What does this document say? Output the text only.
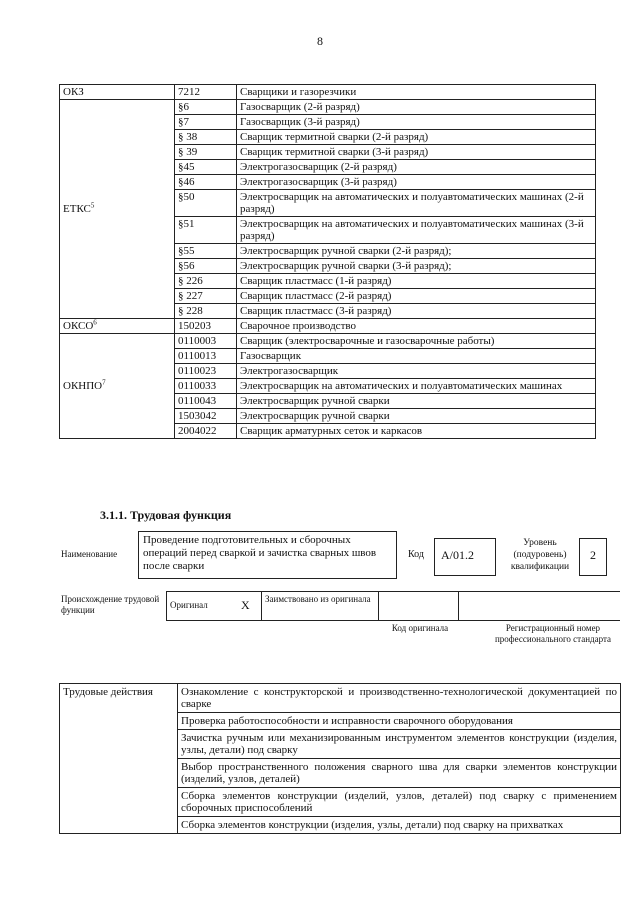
8
ОКЗ	7212	Сварщики и газорезчики
ЕТКС$^5$	§6	Газосварщик (2-й разряд)
	§7	Газосварщик (3-й разряд)
	§ 38	Сварщик термитной сварки (2-й разряд)
	§ 39	Сварщик термитной сварки (3-й разряд)
	§45	Электрогазосварщик (2-й разряд)
	§46	Электрогазосварщик (3-й разряд)
	§50	Электросварщик на автоматических и полуавтоматических машинах (2-й разряд)
	§51	Электросварщик на автоматических и полуавтоматических машинах (3-й разряд)
	§55	Электросварщик ручной сварки (2-й разряд);
	§56	Электросварщик ручной сварки (3-й разряд);
	§ 226	Сварщик пластмасс (1-й разряд)
	§ 227	Сварщик пластмасс (2-й разряд)
	§ 228	Сварщик пластмасс (3-й разряд)
ОКСО$^6$	150203	Сварочное производство
ОКНПО$^7$	0110003	Сварщик (электросварочные и газосварочные работы)
	0110013	Газосварщик
	0110023	Электрогазосварщик
	0110033	Электросварщик на автоматических и полуавтоматических машинах
	0110043	Электросварщик ручной сварки
	1503042	Электросварщик ручной сварки
	2004022	Сварщик арматурных сеток и каркасов
3.1.1. Трудовая функция
Наименование
Проведение подготовительных и сборочных операций перед сваркой и зачистка сварных швов после сварки
Код	A/01.2
Уровень (подуровень) квалификации
2
Происхождение трудовой функции	Оригинал	X	Заимствовано из оригинала
Код оригинала	Регистрационный номер профессионального стандарта
Трудовые действия	Ознакомление с конструкторской и производственно-технологической документацией по сварке
Проверка работоспособности и исправности сварочного оборудования
Зачистка ручным или механизированным инструментом элементов конструкции (изделия, узлы, детали) под сварку
Выбор пространственного положения сварного шва для сварки элементов конструкции (изделий, узлов, деталей)
Сборка элементов конструкции (изделий, узлов, деталей) под сварку с применением сборочных приспособлений
Сборка элементов конструкции (изделия, узлы, детали) под сварку на прихватках
